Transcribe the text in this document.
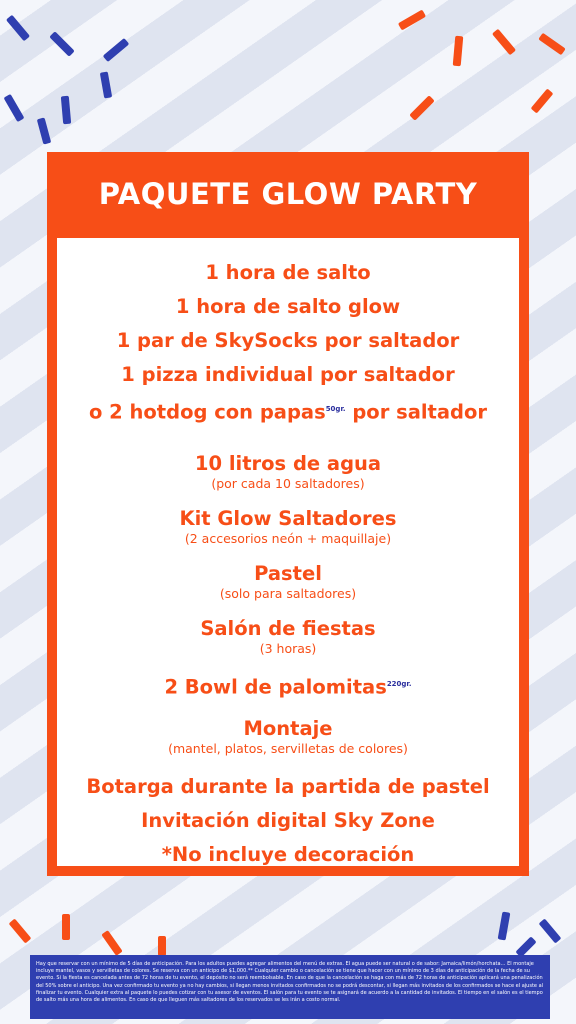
PAQUETE GLOW PARTY
1 hora de salto
1 hora de salto glow
1 par de SkySocks por saltador
1 pizza individual por saltador
o 2 hotdog con papas$^{50gr.}$ por saltador
10 litros de agua
(por cada 10 saltadores)
Kit Glow Saltadores
(2 accesorios neón + maquillaje)
Pastel
(solo para saltadores)
Salón de fiestas
(3 horas)
2 Bowl de palomitas$^{220gr.}$
Montaje
(mantel, platos, servilletas de colores)
Botarga durante la partida de pastel
Invitación digital Sky Zone
*No incluye decoración
Hay que reservar con un mínimo de 5 días de anticipación. Para los adultos puedes agregar alimentos del menú de extras. El agua puede ser natural o de sabor: Jamaica/limón/horchata… El montaje incluye mantel, vasos y servilletas de colores. Se reserva con un anticipo de $1,000.** Cualquier cambio o cancelación se tiene que hacer con un mínimo de 3 días de anticipación de la fecha de su evento. Si la fiesta es cancelada antes de 72 horas de tu evento, el depósito no será reembolsable. En caso de que la cancelación se haga con más de 72 horas de anticipación aplicará una penalización del 50% sobre el anticipo. Una vez confirmado tu evento ya no hay cambios, si llegan menos invitados confirmados no se podrá descontar, si llegan más invitados de los confirmados se hace el ajuste al finalizar tu evento. Cualquier extra al paquete lo puedes cotizar con tu asesor de eventos. El salón para tu evento se te asignará de acuerdo a la cantidad de invitados. El tiempo en el salón es el tiempo de salto más una hora de alimentos. En caso de que lleguen más saltadores de los reservados se les irán a costo normal.
